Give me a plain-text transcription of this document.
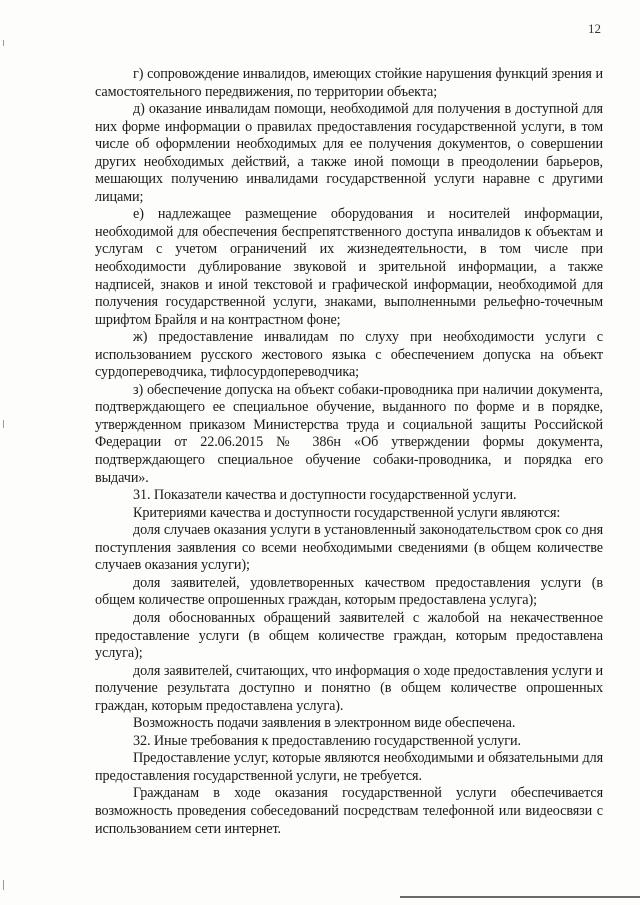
12

г) сопровождение инвалидов, имеющих стойкие нарушения функций зрения и самостоятельного передвижения, по территории объекта;

д) оказание инвалидам помощи, необходимой для получения в доступной для них форме информации о правилах предоставления государственной услуги, в том числе об оформлении необходимых для ее получения документов, о совершении других необходимых действий, а также иной помощи в преодолении барьеров, мешающих получению инвалидами государственной услуги наравне с другими лицами;

е) надлежащее размещение оборудования и носителей информации, необходимой для обеспечения беспрепятственного доступа инвалидов к объектам и услугам с учетом ограничений их жизнедеятельности, в том числе при необходимости дублирование звуковой и зрительной информации, а также надписей, знаков и иной текстовой и графической информации, необходимой для получения государственной услуги, знаками, выполненными рельефно-точечным шрифтом Брайля и на контрастном фоне;

ж) предоставление инвалидам по слуху при необходимости услуги с использованием русского жестового языка с обеспечением допуска на объект сурдопереводчика, тифлосурдопереводчика;

з) обеспечение допуска на объект собаки-проводника при наличии документа, подтверждающего ее специальное обучение, выданного по форме и в порядке, утвержденном приказом Министерства труда и социальной защиты Российской Федерации от 22.06.2015 № 386н «Об утверждении формы документа, подтверждающего специальное обучение собаки-проводника, и порядка его выдачи».

31. Показатели качества и доступности государственной услуги.

Критериями качества и доступности государственной услуги являются:

доля случаев оказания услуги в установленный законодательством срок со дня поступления заявления со всеми необходимыми сведениями (в общем количестве случаев оказания услуги);

доля заявителей, удовлетворенных качеством предоставления услуги (в общем количестве опрошенных граждан, которым предоставлена услуга);

доля обоснованных обращений заявителей с жалобой на некачественное предоставление услуги (в общем количестве граждан, которым предоставлена услуга);

доля заявителей, считающих, что информация о ходе предоставления услуги и получение результата доступно и понятно (в общем количестве опрошенных граждан, которым предоставлена услуга).

Возможность подачи заявления в электронном виде обеспечена.

32. Иные требования к предоставлению государственной услуги.

Предоставление услуг, которые являются необходимыми и обязательными для предоставления государственной услуги, не требуется.

Гражданам в ходе оказания государственной услуги обеспечивается возможность проведения собеседований посредствам телефонной или видеосвязи с использованием сети интернет.
